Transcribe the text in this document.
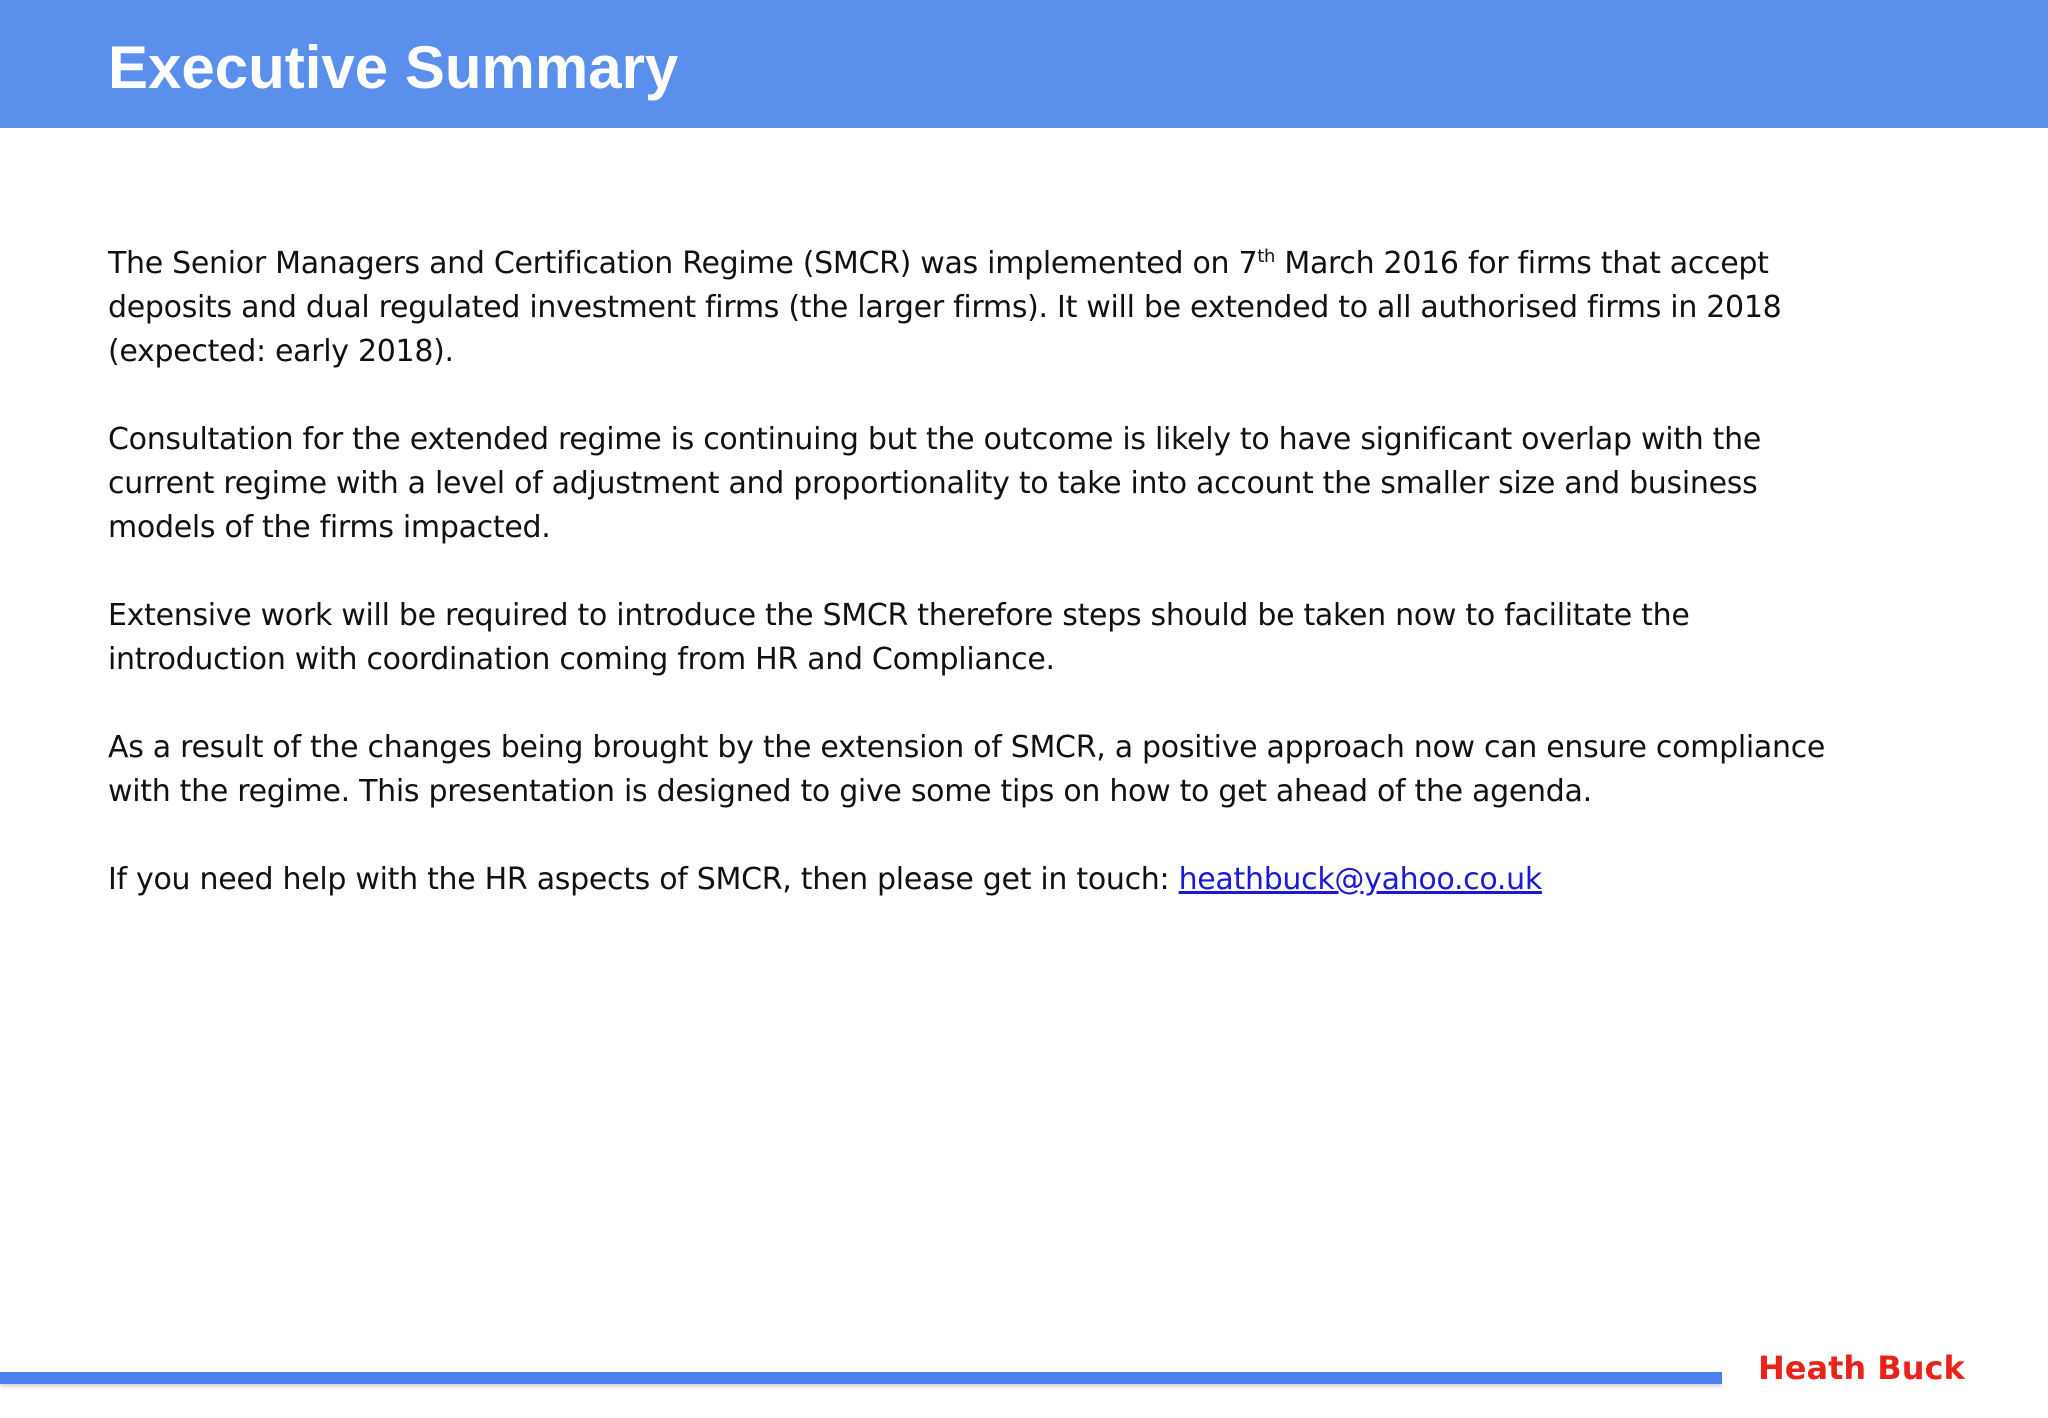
Executive Summary

The Senior Managers and Certification Regime (SMCR) was implemented on 7th March 2016 for firms that accept deposits and dual regulated investment firms (the larger firms). It will be extended to all authorised firms in 2018 (expected: early 2018).

Consultation for the extended regime is continuing but the outcome is likely to have significant overlap with the current regime with a level of adjustment and proportionality to take into account the smaller size and business models of the firms impacted.

Extensive work will be required to introduce the SMCR therefore steps should be taken now to facilitate the introduction with coordination coming from HR and Compliance.

As a result of the changes being brought by the extension of SMCR, a positive approach now can ensure compliance with the regime. This presentation is designed to give some tips on how to get ahead of the agenda.

If you need help with the HR aspects of SMCR, then please get in touch: heathbuck@yahoo.co.uk

Heath Buck
